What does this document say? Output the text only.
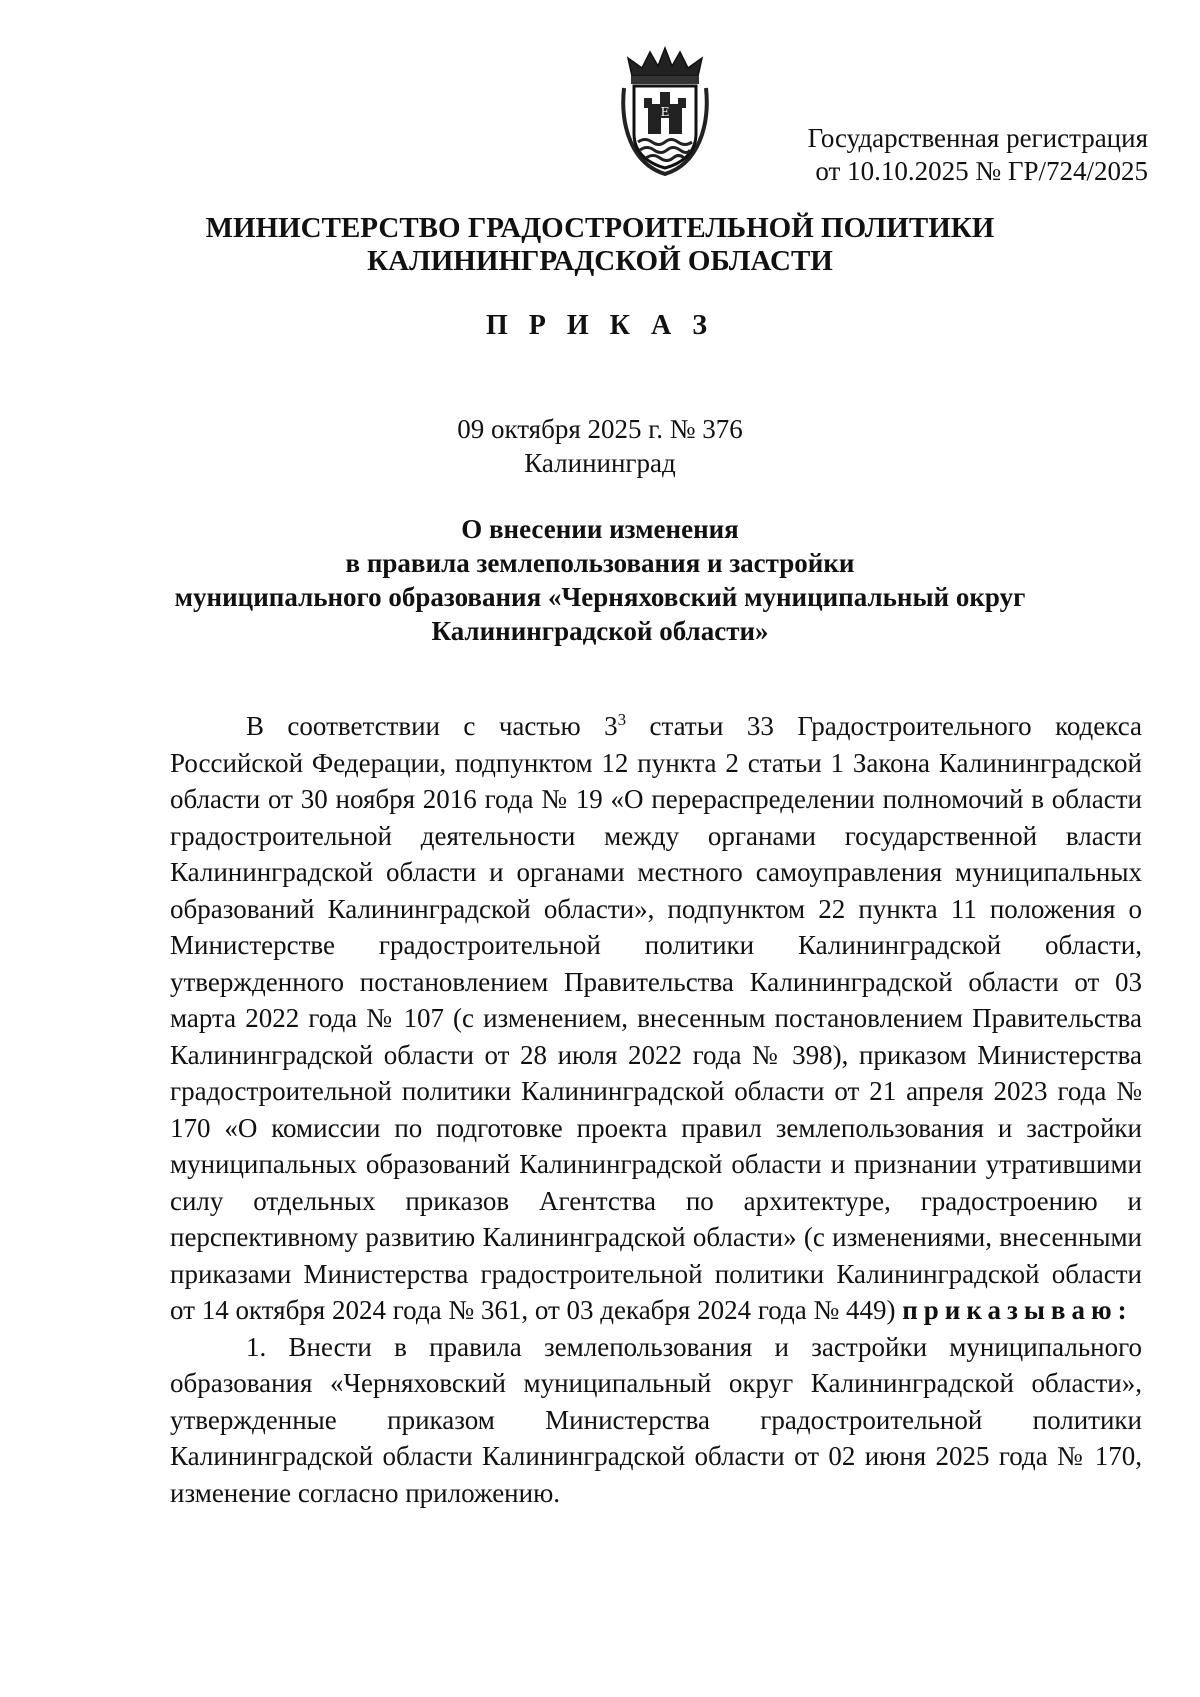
Е
Государственная регистрация
от 10.10.2025 № ГР/724/2025
МИНИСТЕРСТВО ГРАДОСТРОИТЕЛЬНОЙ ПОЛИТИКИ
КАЛИНИНГРАДСКОЙ ОБЛАСТИ
П Р И К А З
09 октября 2025 г. № 376
Калининград
О внесении изменения
в правила землепользования и застройки
муниципального образования «Черняховский муниципальный округ
Калининградской области»

В соответствии с частью $3^3$ статьи 33 Градостроительного кодекса Российской Федерации, подпунктом 12 пункта 2 статьи 1 Закона Калининградской области от 30 ноября 2016 года № 19 «О перераспределении полномочий в области градостроительной деятельности между органами государственной власти Калининградской области и органами местного самоуправления муниципальных образований Калининградской области», подпунктом 22 пункта 11 положения о Министерстве градостроительной политики Калининградской области, утвержденного постановлением Правительства Калининградской области от 03 марта 2022 года № 107 (с изменением, внесенным постановлением Правительства Калининградской области от 28 июля 2022 года № 398), приказом Министерства градостроительной политики Калининградской области от 21 апреля 2023 года № 170 «О комиссии по подготовке проекта правил землепользования и застройки муниципальных образований Калининградской области и признании утратившими силу отдельных приказов Агентства по архитектуре, градостроению и перспективному развитию Калининградской области» (с изменениями, внесенными приказами Министерства градостроительной политики Калининградской области от 14 октября 2024 года № 361, от 03 декабря 2024 года № 449) приказываю:

1. Внести в правила землепользования и застройки муниципального образования «Черняховский муниципальный округ Калининградской области», утвержденные приказом Министерства градостроительной политики Калининградской области Калининградской области от 02 июня 2025 года № 170, изменение согласно приложению.
